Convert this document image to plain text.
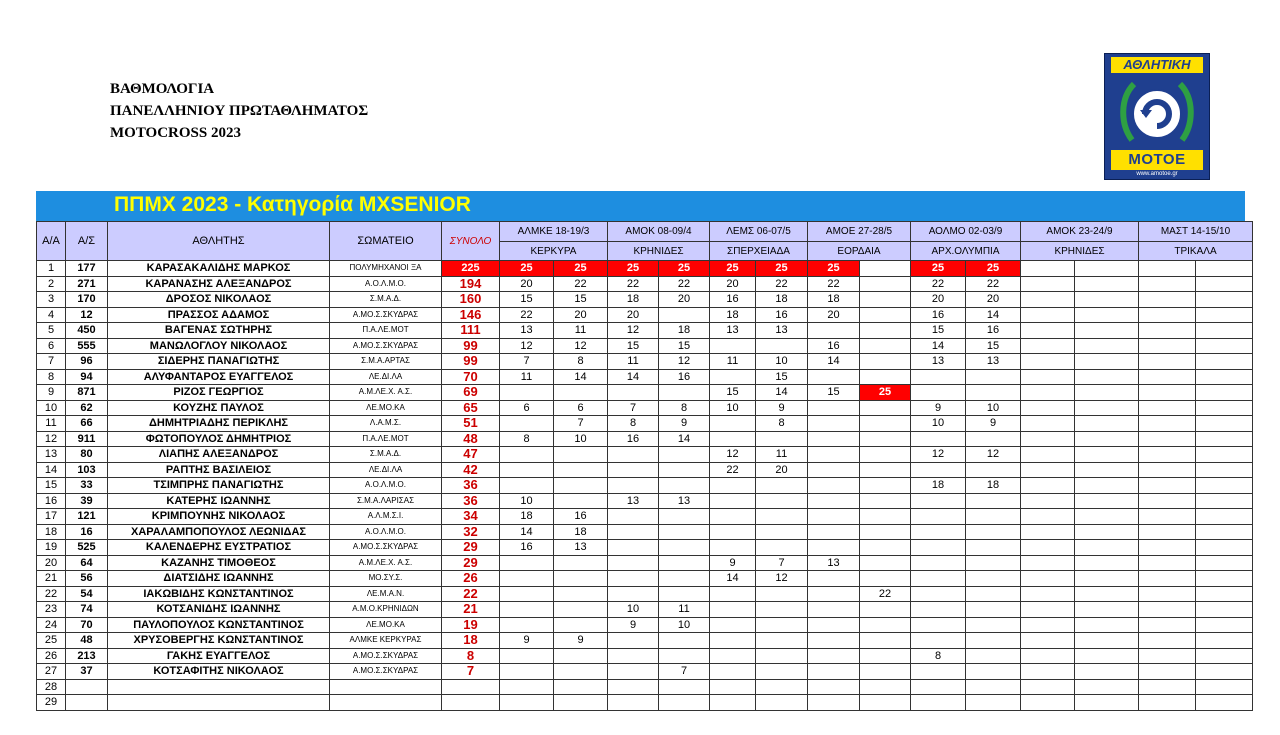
ΒΑΘΜΟΛΟΓΙΑ
ΠΑΝΕΛΛΗΝΙΟΥ ΠΡΩΤΑΘΛΗΜΑΤΟΣ
MOTOCROSS 2023
ΑΘΛΗΤΙΚΗ
ΜΟΤΟΕ
www.amotoe.gr
ΠΠΜΧ 2023 - Κατηγορία MXSENIOR
Α/Α	Α/Σ	ΑΘΛΗΤΗΣ	ΣΩΜΑΤΕΙΟ	ΣΥΝΟΛΟ	ΑΛΜΚΕ 18-19/3		ΑΜΟΚ 08-09/4		ΛΕΜΣ 06-07/5		ΑΜΟΕ 27-28/5		ΑΟΛΜΟ 02-03/9		ΑΜΟΚ 23-24/9		ΜΑΣΤ 14-15/10	
					ΚΕΡΚΥΡΑ		ΚΡΗΝΙΔΕΣ		ΣΠΕΡΧΕΙΑΔΑ		ΕΟΡΔΑΙΑ		ΑΡΧ.ΟΛΥΜΠΙΑ		ΚΡΗΝΙΔΕΣ		ΤΡΙΚΑΛΑ	
1	177	ΚΑΡΑΣΑΚΑΛΙΔΗΣ ΜΑΡΚΟΣ	ΠΟΛΥΜΗΧΑΝΟΙ ΞΑ	225	25	25	25	25	25	25	25		25	25				
2	271	ΚΑΡΑΝΑΣΗΣ ΑΛΕΞΑΝΔΡΟΣ	Α.Ο.Λ.Μ.Ο.	194	20	22	22	22	20	22	22		22	22				
3	170	ΔΡΟΣΟΣ ΝΙΚΟΛΑΟΣ	Σ.Μ.Α.Δ.	160	15	15	18	20	16	18	18		20	20				
4	12	ΠΡΑΣΣΟΣ ΑΔΑΜΟΣ	Α.ΜΟ.Σ.ΣΚΥΔΡΑΣ	146	22	20	20		18	16	20		16	14				
5	450	ΒΑΓΕΝΑΣ ΣΩΤΗΡΗΣ	Π.Α.ΛΕ.ΜΟΤ	111	13	11	12	18	13	13			15	16				
6	555	ΜΑΝΩΛΟΓΛΟΥ ΝΙΚΟΛΑΟΣ	Α.ΜΟ.Σ.ΣΚΥΔΡΑΣ	99	12	12	15	15			16		14	15				
7	96	ΣΙΔΕΡΗΣ ΠΑΝΑΓΙΩΤΗΣ	Σ.Μ.Α.ΑΡΤΑΣ	99	7	8	11	12	11	10	14		13	13				
8	94	ΑΛΥΦΑΝΤΑΡΟΣ ΕΥΑΓΓΕΛΟΣ	ΛΕ.ΔΙ.ΛΑ	70	11	14	14	16		15								
9	871	ΡΙΖΟΣ ΓΕΩΡΓΙΟΣ	Α.Μ.ΛΕ.Χ. Α.Σ.	69					15	14	15	25						
10	62	ΚΟΥΖΗΣ ΠΑΥΛΟΣ	ΛΕ.ΜΟ.ΚΑ	65	6	6	7	8	10	9			9	10				
11	66	ΔΗΜΗΤΡΙΑΔΗΣ ΠΕΡΙΚΛΗΣ	Λ.Α.Μ.Σ.	51		7	8	9		8			10	9				
12	911	ΦΩΤΟΠΟΥΛΟΣ ΔΗΜΗΤΡΙΟΣ	Π.Α.ΛΕ.ΜΟΤ	48	8	10	16	14										
13	80	ΛΙΑΠΗΣ ΑΛΕΞΑΝΔΡΟΣ	Σ.Μ.Α.Δ.	47					12	11			12	12				
14	103	ΡΑΠΤΗΣ ΒΑΣΙΛΕΙΟΣ	ΛΕ.ΔΙ.ΛΑ	42					22	20								
15	33	ΤΣΙΜΠΡΗΣ ΠΑΝΑΓΙΩΤΗΣ	Α.Ο.Λ.Μ.Ο.	36									18	18				
16	39	ΚΑΤΕΡΗΣ ΙΩΑΝΝΗΣ	Σ.Μ.Α.ΛΑΡΙΣΑΣ	36	10		13	13										
17	121	ΚΡΙΜΠΟΥΝΗΣ ΝΙΚΟΛΑΟΣ	Α.Λ.Μ.Σ.Ι.	34	18	16												
18	16	ΧΑΡΑΛΑΜΠΟΠΟΥΛΟΣ ΛΕΩΝΙΔΑΣ	Α.Ο.Λ.Μ.Ο.	32	14	18												
19	525	ΚΑΛΕΝΔΕΡΗΣ ΕΥΣΤΡΑΤΙΟΣ	Α.ΜΟ.Σ.ΣΚΥΔΡΑΣ	29	16	13												
20	64	ΚΑΖΑΝΗΣ ΤΙΜΟΘΕΟΣ	Α.Μ.ΛΕ.Χ. Α.Σ.	29					9	7	13							
21	56	ΔΙΑΤΣΙΔΗΣ ΙΩΑΝΝΗΣ	ΜΟ.ΣΥ.Σ.	26					14	12								
22	54	ΙΑΚΩΒΙΔΗΣ ΚΩΝΣΤΑΝΤΙΝΟΣ	ΛΕ.Μ.Α.Ν.	22								22						
23	74	ΚΟΤΣΑΝΙΔΗΣ ΙΩΑΝΝΗΣ	Α.Μ.Ο.ΚΡΗΝΙΔΩΝ	21			10	11										
24	70	ΠΑΥΛΟΠΟΥΛΟΣ ΚΩΝΣΤΑΝΤΙΝΟΣ	ΛΕ.ΜΟ.ΚΑ	19			9	10										
25	48	ΧΡΥΣΟΒΕΡΓΗΣ ΚΩΝΣΤΑΝΤΙΝΟΣ	ΑΛΜΚΕ ΚΕΡΚΥΡΑΣ	18	9	9												
26	213	ΓΑΚΗΣ ΕΥΑΓΓΕΛΟΣ	Α.ΜΟ.Σ.ΣΚΥΔΡΑΣ	8									8					
27	37	ΚΟΤΣΑΦΙΤΗΣ ΝΙΚΟΛΑΟΣ	Α.ΜΟ.Σ.ΣΚΥΔΡΑΣ	7				7										
28																		
29																		
